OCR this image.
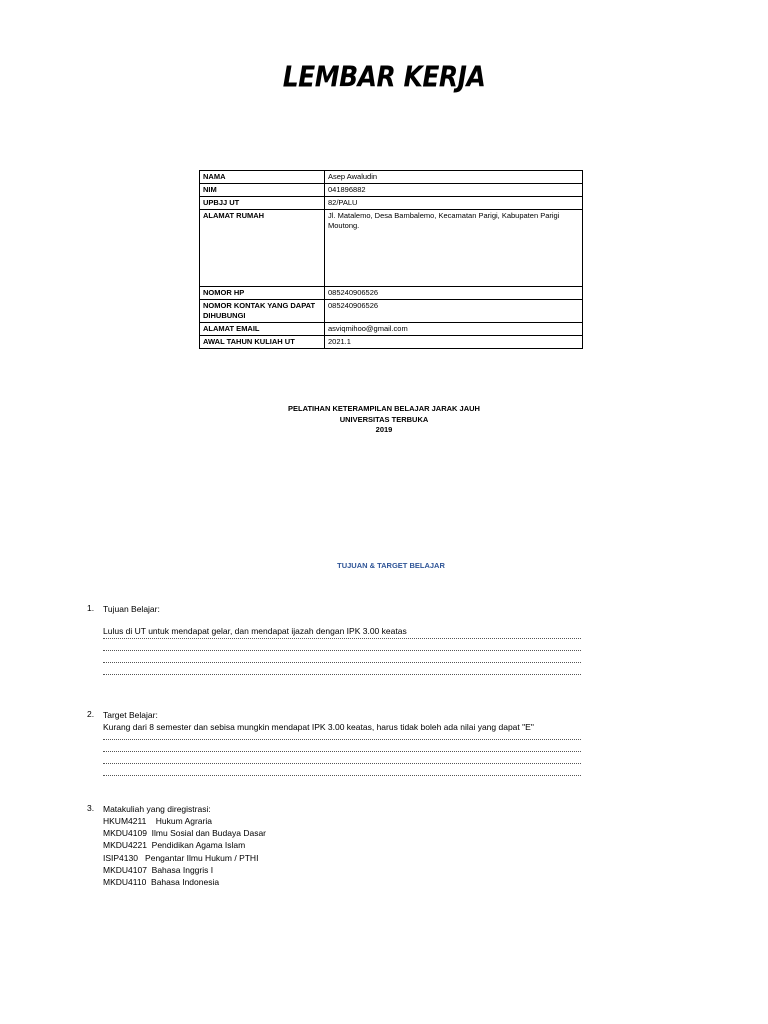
LEMBAR KERJA
NAMA	Asep Awaludin
NIM	041896882
UPBJJ UT	82/PALU
ALAMAT RUMAH	Jl. Matalemo, Desa Bambalemo, Kecamatan Parigi, Kabupaten Parigi Moutong.
NOMOR HP	085240906526
NOMOR KONTAK YANG DAPAT DIHUBUNGI	085240906526
ALAMAT EMAIL	asviqmihoo@gmail.com
AWAL TAHUN KULIAH UT	2021.1
PELATIHAN KETERAMPILAN BELAJAR JARAK JAUH
UNIVERSITAS TERBUKA
2019
TUJUAN & TARGET BELAJAR
1. Tujuan Belajar:
Lulus di UT untuk mendapat gelar, dan mendapat ijazah dengan IPK 3.00 keatas
2. Target Belajar:
Kurang dari 8 semester dan sebisa mungkin mendapat IPK 3.00 keatas, harus tidak boleh ada nilai yang dapat "E"
3. Matakuliah yang diregistrasi:
HKUM4211    Hukum Agraria
MKDU4109  Ilmu Sosial dan Budaya Dasar
MKDU4221  Pendidikan Agama Islam
ISIP4130   Pengantar Ilmu Hukum / PTHI
MKDU4107  Bahasa Inggris I
MKDU4110  Bahasa Indonesia
